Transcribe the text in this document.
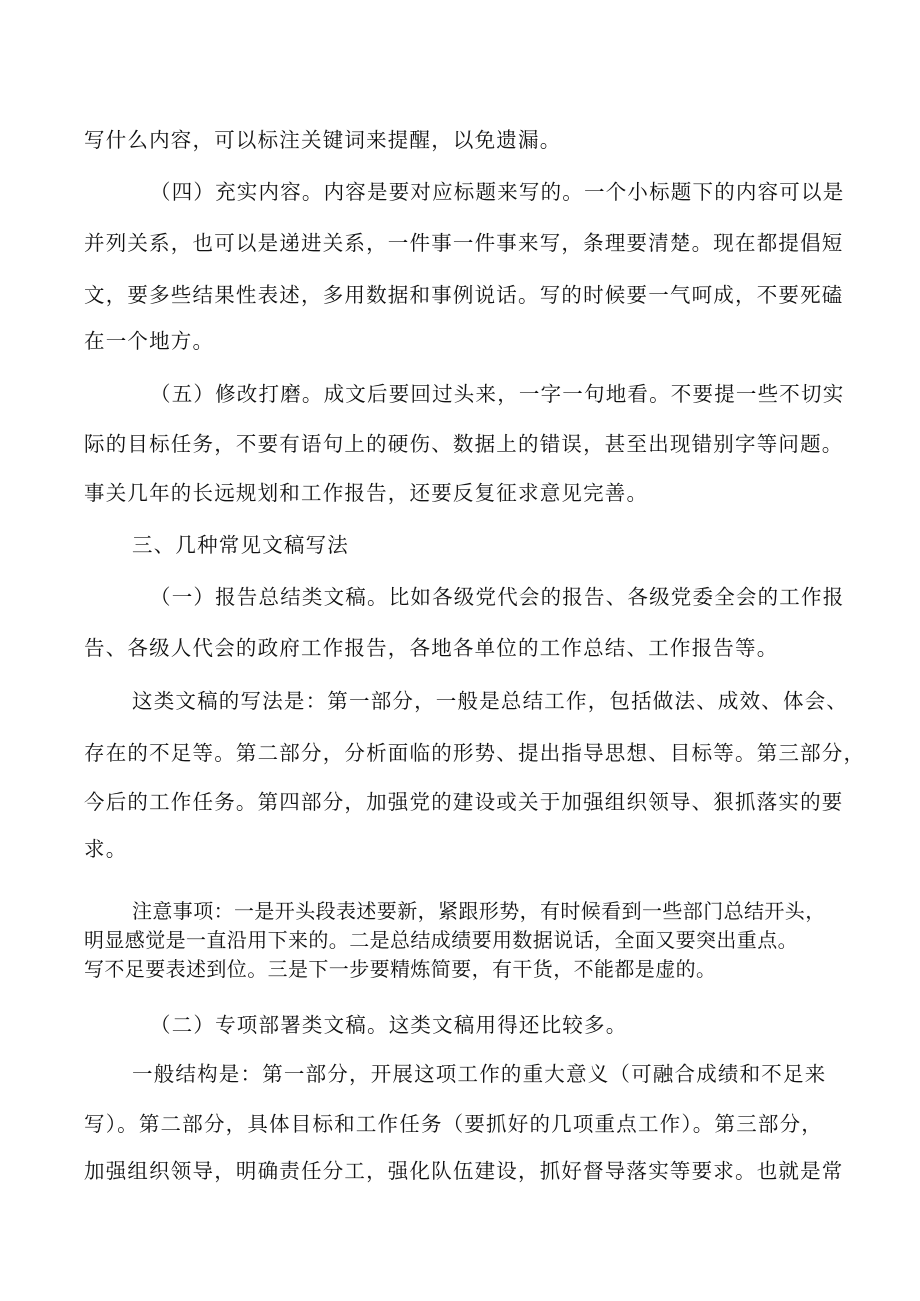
写什么内容，可以标注关键词来提醒，以免遗漏。
（四）充实内容。内容是要对应标题来写的。一个小标题下的内容可以是
并列关系，也可以是递进关系，一件事一件事来写，条理要清楚。现在都提倡短
文，要多些结果性表述，多用数据和事例说话。写的时候要一气呵成，不要死磕
在一个地方。
（五）修改打磨。成文后要回过头来，一字一句地看。不要提一些不切实
际的目标任务，不要有语句上的硬伤、数据上的错误，甚至出现错别字等问题。
事关几年的长远规划和工作报告，还要反复征求意见完善。
三、几种常见文稿写法
（一）报告总结类文稿。比如各级党代会的报告、各级党委全会的工作报
告、各级人代会的政府工作报告，各地各单位的工作总结、工作报告等。
这类文稿的写法是：第一部分，一般是总结工作，包括做法、成效、体会、
存在的不足等。第二部分，分析面临的形势、提出指导思想、目标等。第三部分，
今后的工作任务。第四部分，加强党的建设或关于加强组织领导、狠抓落实的要
求。
注意事项：一是开头段表述要新，紧跟形势，有时候看到一些部门总结开头，
明显感觉是一直沿用下来的。二是总结成绩要用数据说话，全面又要突出重点。
写不足要表述到位。三是下一步要精炼简要，有干货，不能都是虚的。
（二）专项部署类文稿。这类文稿用得还比较多。
一般结构是：第一部分，开展这项工作的重大意义（可融合成绩和不足来
写）。第二部分，具体目标和工作任务（要抓好的几项重点工作）。第三部分，
加强组织领导，明确责任分工，强化队伍建设，抓好督导落实等要求。也就是常
